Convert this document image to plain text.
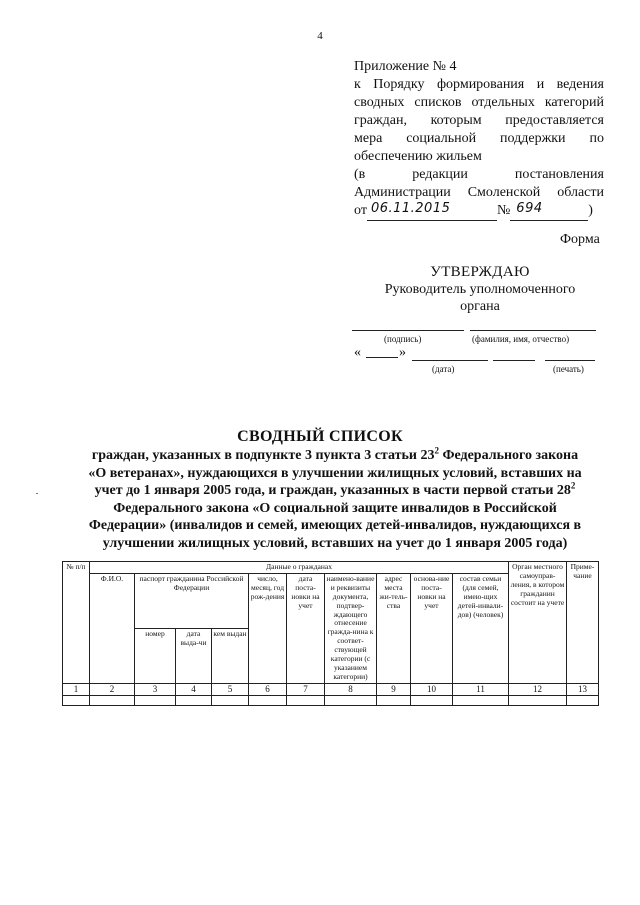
4
Приложение № 4
к Порядку формирования и ведения
сводных списков отдельных категорий
граждан, которым предоставляется
мера социальной поддержки по
обеспечению жильем
(в	редакции	постановления
Администрации Смоленской области
от 06.11.2015	№ 694	)
Форма
УТВЕРЖДАЮ
Руководитель уполномоченного
органа
(подпись)	(фамилия, имя, отчество)
«	»
(дата)	(печать)
СВОДНЫЙ СПИСОК
граждан, указанных в подпункте 3 пункта 3 статьи $23^2$ Федерального закона
«О ветеранах», нуждающихся в улучшении жилищных условий, вставших на
учет до 1 января 2005 года, и граждан, указанных в части первой статьи $28^2$
Федерального закона «О социальной защите инвалидов в Российской
Федерации» (инвалидов и семей, имеющих детей-инвалидов, нуждающихся в
улучшении жилищных условий, вставших на учет до 1 января 2005 года)
№ п/п	Данные о гражданах										Орган местного самоуправ-ления, в котором гражданин состоит на учете	Приме-чание
	Ф.И.О.	паспорт гражданина Российской Федерации			число, месяц, год рож-дения	дата поста-новки на учет	наимено-вание и реквизиты документа, подтвер-ждающего отнесение гражда-нина к соответ-ствующей категории (с указанием категории)	адрес места жи-тель-ства	основа-ние поста-новки на учет	состав семьи (для семей, имею-щих детей-инвали-дов) (человек)		
		номер	дата выда-чи	кем выдан								
1	2	3	4	5	6	7	8	9	10	11	12	13
